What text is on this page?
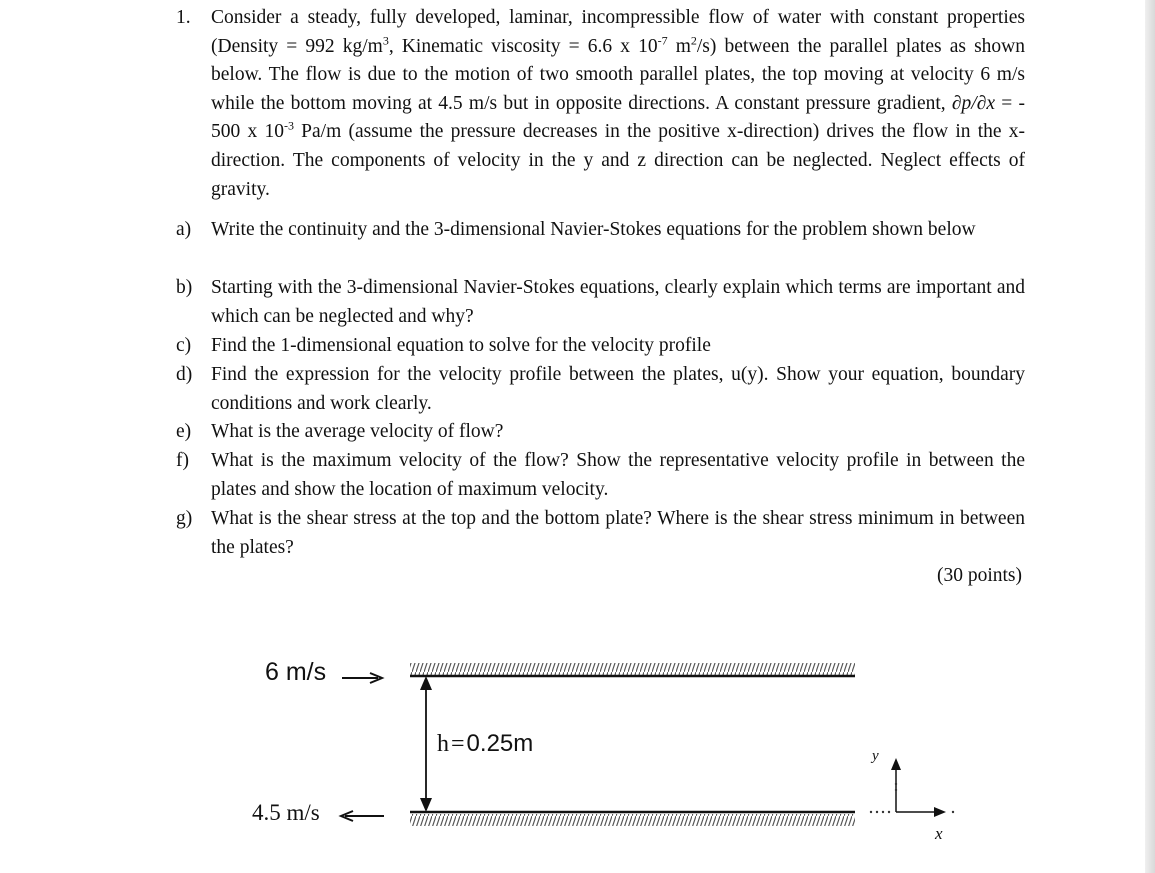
1. Consider a steady, fully developed, laminar, incompressible flow of water with constant properties (Density = 992 $kg/m^3$, Kinematic viscosity = 6.6 x $10^{-7}$ $m^2/s$) between the parallel plates as shown below. The flow is due to the motion of two smooth parallel plates, the top moving at velocity 6 m/s while the bottom moving at 4.5 m/s but in opposite directions. A constant pressure gradient, ∂p/∂x = - 500 x $10^{-3}$ Pa/m (assume the pressure decreases in the positive x-direction) drives the flow in the x-direction. The components of velocity in the y and z direction can be neglected. Neglect effects of gravity.
a) Write the continuity and the 3-dimensional Navier-Stokes equations for the problem shown below
b) Starting with the 3-dimensional Navier-Stokes equations, clearly explain which terms are important and which can be neglected and why?
c) Find the 1-dimensional equation to solve for the velocity profile
d) Find the expression for the velocity profile between the plates, u(y). Show your equation, boundary conditions and work clearly.
e) What is the average velocity of flow?
f) What is the maximum velocity of the flow? Show the representative velocity profile in between the plates and show the location of maximum velocity.
g) What is the shear stress at the top and the bottom plate? Where is the shear stress minimum in between the plates?
(30 points)
6 m/s
4.5 m/s
h=0.25m	y
x
